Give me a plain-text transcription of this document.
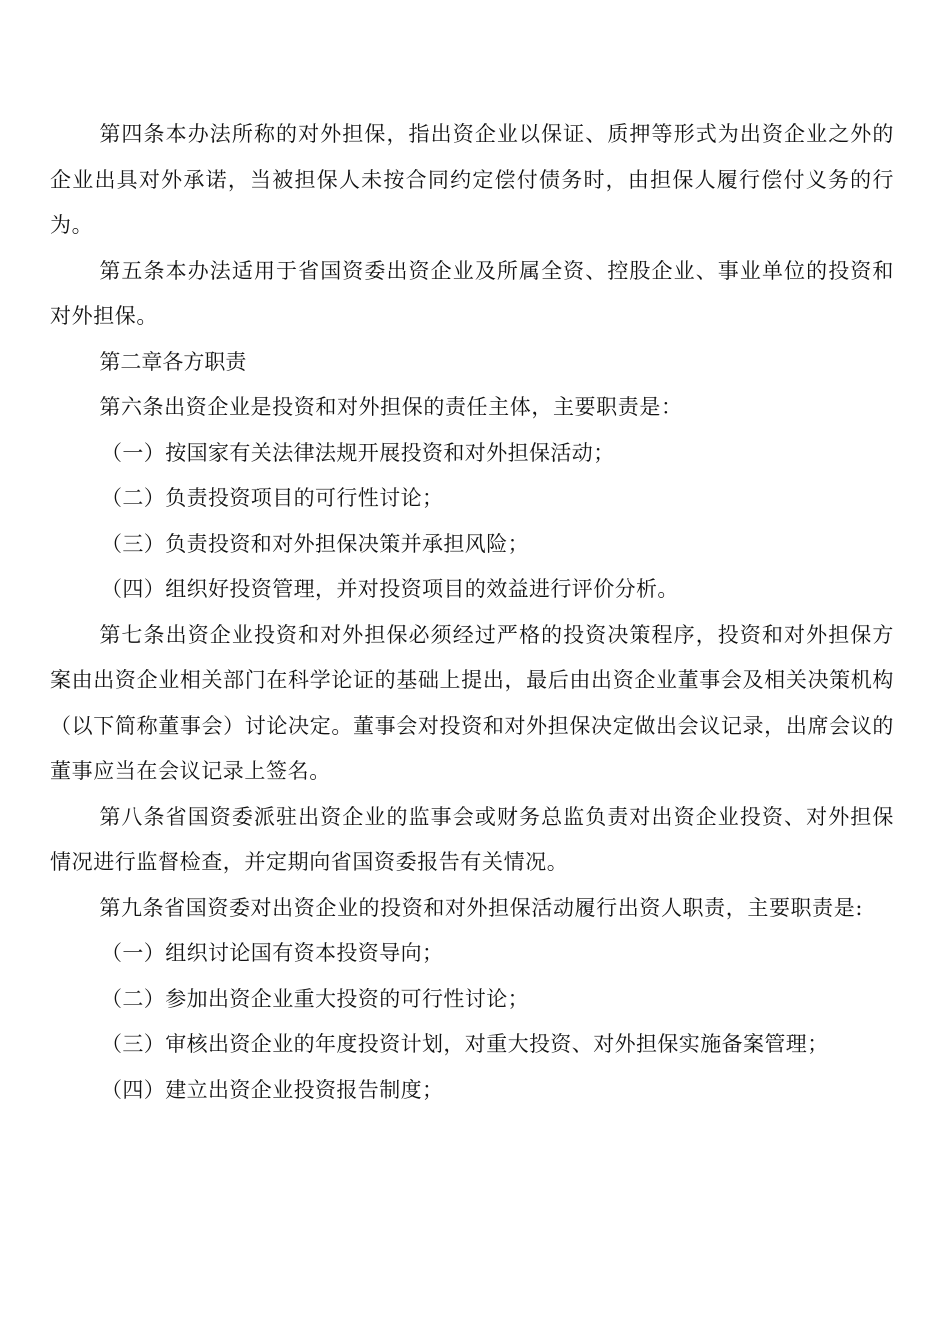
第四条本办法所称的对外担保，指出资企业以保证、质押等形式为出资企业之外的企业出具对外承诺，当被担保人未按合同约定偿付债务时，由担保人履行偿付义务的行为。

第五条本办法适用于省国资委出资企业及所属全资、控股企业、事业单位的投资和对外担保。

第二章各方职责

第六条出资企业是投资和对外担保的责任主体，主要职责是：

（一）按国家有关法律法规开展投资和对外担保活动；

（二）负责投资项目的可行性讨论；

（三）负责投资和对外担保决策并承担风险；

（四）组织好投资管理，并对投资项目的效益进行评价分析。

第七条出资企业投资和对外担保必须经过严格的投资决策程序，投资和对外担保方案由出资企业相关部门在科学论证的基础上提出，最后由出资企业董事会及相关决策机构（以下简称董事会）讨论决定。董事会对投资和对外担保决定做出会议记录，出席会议的董事应当在会议记录上签名。

第八条省国资委派驻出资企业的监事会或财务总监负责对出资企业投资、对外担保情况进行监督检查，并定期向省国资委报告有关情况。

第九条省国资委对出资企业的投资和对外担保活动履行出资人职责，主要职责是:

（一）组织讨论国有资本投资导向；

（二）参加出资企业重大投资的可行性讨论；

（三）审核出资企业的年度投资计划，对重大投资、对外担保实施备案管理；

（四）建立出资企业投资报告制度；
